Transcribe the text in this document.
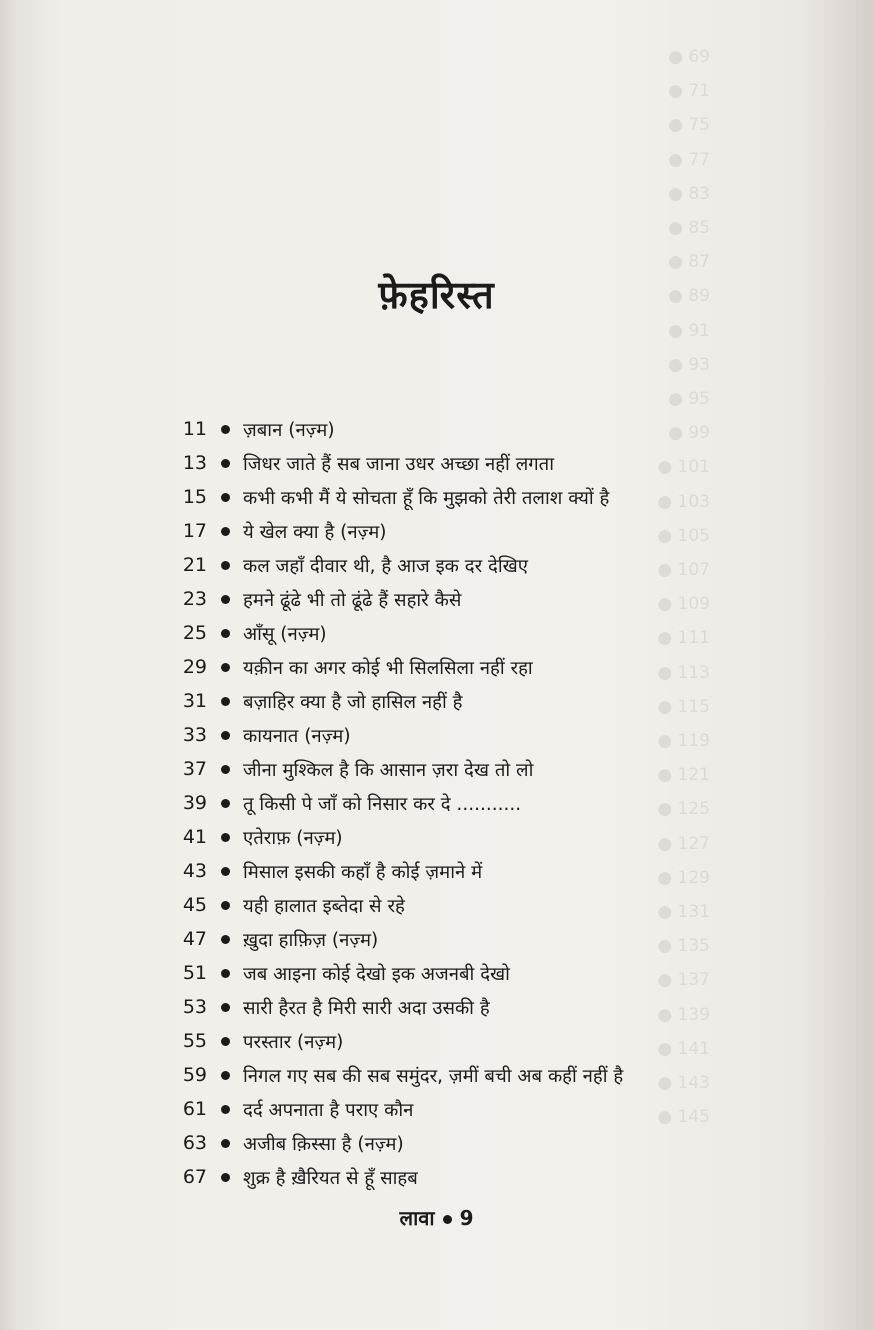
● 69
● 71
● 75
● 77
● 83
● 85
● 87
● 89
● 91
● 93
● 95
● 99
● 101
● 103
● 105
● 107
● 109
● 111
● 113
● 115
● 119
● 121
● 125
● 127
● 129
● 131
● 135
● 137
● 139
● 141
● 143
● 145
फ़ेहरिस्त
11 ज़बान (नज़्म)
13 जिधर जाते हैं सब जाना उधर अच्छा नहीं लगता
15 कभी कभी मैं ये सोचता हूँ कि मुझको तेरी तलाश क्यों है
17 ये खेल क्या है (नज़्म)
21 कल जहाँ दीवार थी, है आज इक दर देखिए
23 हमने ढूंढे भी तो ढूंढे हैं सहारे कैसे
25 आँसू (नज़्म)
29 यक़ीन का अगर कोई भी सिलसिला नहीं रहा
31 बज़ाहिर क्या है जो हासिल नहीं है
33 कायनात (नज़्म)
37 जीना मुश्किल है कि आसान ज़रा देख तो लो
39 तू किसी पे जाँ को निसार कर दे ...........
41 एतेराफ़ (नज़्म)
43 मिसाल इसकी कहाँ है कोई ज़माने में
45 यही हालात इब्तेदा से रहे
47 ख़ुदा हाफ़िज़ (नज़्म)
51 जब आइना कोई देखो इक अजनबी देखो
53 सारी हैरत है मिरी सारी अदा उसकी है
55 परस्तार (नज़्म)
59 निगल गए सब की सब समुंदर, ज़मीं बची अब कहीं नहीं है
61 दर्द अपनाता है पराए कौन
63 अजीब क़िस्सा है (नज़्म)
67 शुक्र है ख़ैरियत से हूँ साहब
लावा 9
